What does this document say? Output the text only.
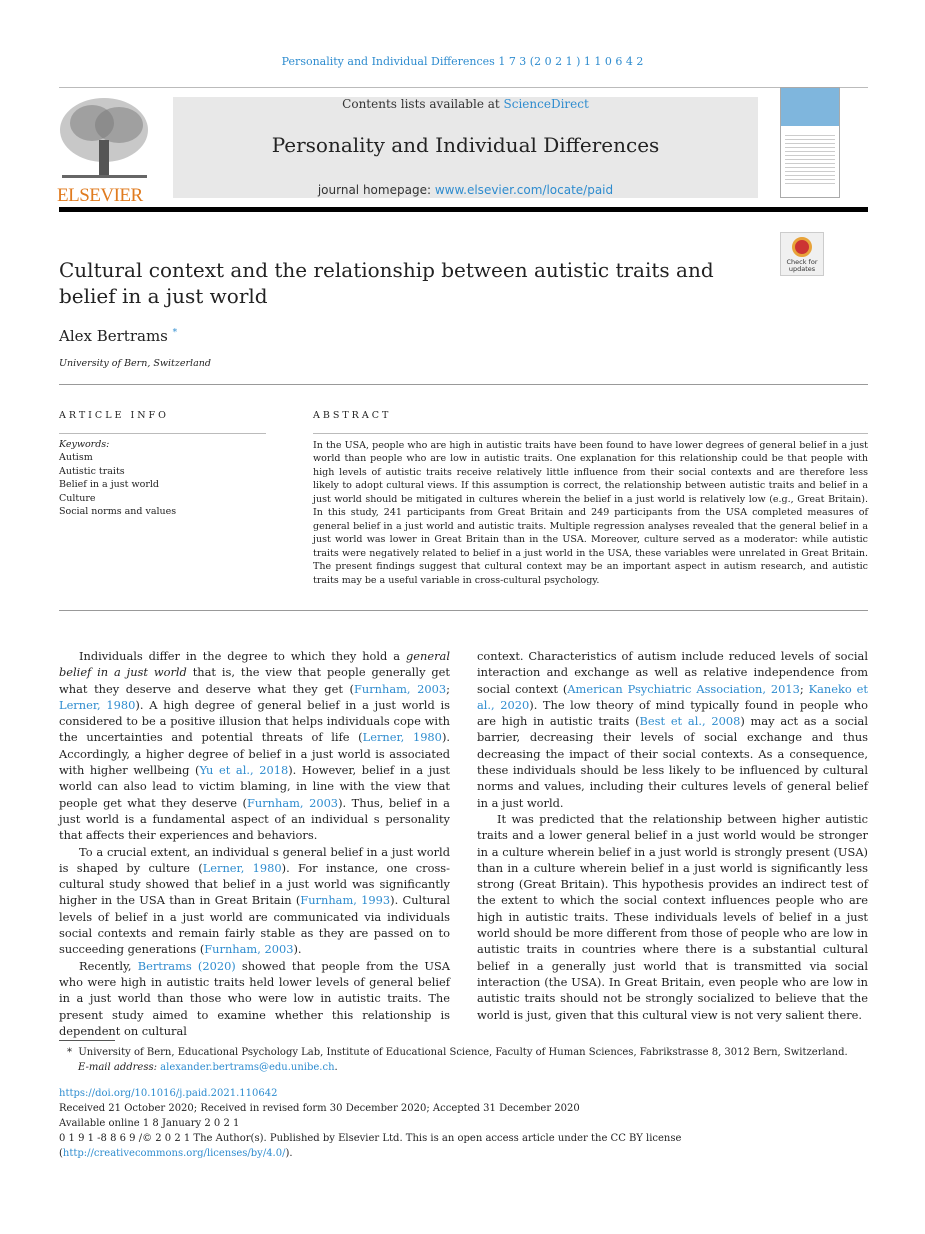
Personality and Individual Differences 1 7 3 (2 0 2 1 ) 1 1 0 6 4 2
ELSEVIER
Contents lists available at ScienceDirect
Personality and Individual Differences
journal homepage: www.elsevier.com/locate/paid
Cultural context and the relationship between autistic traits and belief in a just world
Check for updates
Alex Bertrams *
University of Bern, Switzerland
ARTICLE INFO	ABSTRACT
Keywords:
Autism
Autistic traits
Belief in a just world
Culture
Social norms and values
In the USA, people who are high in autistic traits have been found to have lower degrees of general belief in a just world than people who are low in autistic traits. One explanation for this relationship could be that people with high levels of autistic traits receive relatively little influence from their social contexts and are therefore less likely to adopt cultural views. If this assumption is correct, the relationship between autistic traits and belief in a just world should be mitigated in cultures wherein the belief in a just world is relatively low (e.g., Great Britain). In this study, 241 participants from Great Britain and 249 participants from the USA completed measures of general belief in a just world and autistic traits. Multiple regression analyses revealed that the general belief in a just world was lower in Great Britain than in the USA. Moreover, culture served as a moderator: while autistic traits were negatively related to belief in a just world in the USA, these variables were unrelated in Great Britain. The present findings suggest that cultural context may be an important aspect in autism research, and autistic traits may be a useful variable in cross-cultural psychology.

Individuals differ in the degree to which they hold a general belief in a just world that is, the view that people generally get what they deserve and deserve what they get (Furnham, 2003; Lerner, 1980). A high degree of general belief in a just world is considered to be a positive illusion that helps individuals cope with the uncertainties and potential threats of life (Lerner, 1980). Accordingly, a higher degree of belief in a just world is associated with higher wellbeing (Yu et al., 2018). However, belief in a just world can also lead to victim blaming, in line with the view that people get what they deserve (Furnham, 2003). Thus, belief in a just world is a fundamental aspect of an individual s personality that affects their experiences and behaviors.

To a crucial extent, an individual s general belief in a just world is shaped by culture (Lerner, 1980). For instance, one cross-cultural study showed that belief in a just world was significantly higher in the USA than in Great Britain (Furnham, 1993). Cultural levels of belief in a just world are communicated via individuals social contexts and remain fairly stable as they are passed on to succeeding generations (Furnham, 2003).

Recently, Bertrams (2020) showed that people from the USA who were high in autistic traits held lower levels of general belief in a just world than those who were low in autistic traits. The present study aimed to examine whether this relationship is dependent on cultural

context. Characteristics of autism include reduced levels of social interaction and exchange as well as relative independence from social context (American Psychiatric Association, 2013; Kaneko et al., 2020). The low theory of mind typically found in people who are high in autistic traits (Best et al., 2008) may act as a social barrier, decreasing their levels of social exchange and thus decreasing the impact of their social contexts. As a consequence, these individuals should be less likely to be influenced by cultural norms and values, including their cultures levels of general belief in a just world.

It was predicted that the relationship between higher autistic traits and a lower general belief in a just world would be stronger in a culture wherein belief in a just world is strongly present (USA) than in a culture wherein belief in a just world is significantly less strong (Great Britain). This hypothesis provides an indirect test of the extent to which the social context influences people who are high in autistic traits. These individuals levels of belief in a just world should be more different from those of people who are low in autistic traits in countries where there is a substantial cultural belief in a generally just world that is transmitted via social interaction (the USA). In Great Britain, even people who are low in autistic traits should not be strongly socialized to believe that the world is just, given that this cultural view is not very salient there.

* University of Bern, Educational Psychology Lab, Institute of Educational Science, Faculty of Human Sciences, Fabrikstrasse 8, 3012 Bern, Switzerland.
E-mail address: alexander.bertrams@edu.unibe.ch.
https://doi.org/10.1016/j.paid.2021.110642
Received 21 October 2020; Received in revised form 30 December 2020; Accepted 31 December 2020
Available online 1 8 January 2 0 2 1
0 1 9 1 -8 8 6 9 /© 2 0 2 1 The Author(s). Published by Elsevier Ltd. This is an open access article under the CC BY license (http://creativecommons.org/licenses/by/4.0/).
